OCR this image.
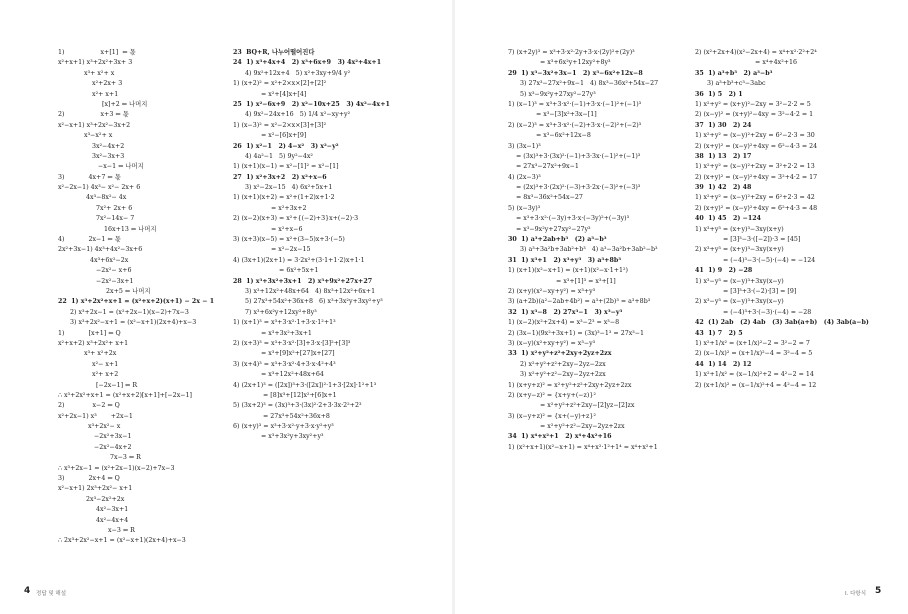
1)                  x+[1]  ⇐ 몫
x²+x+1) x³+2x²+3x+ 3
x³+ x²+ x
x²+2x+ 3
x²+ x+1
[x]+2 ⇐ 나머지
2)                  x+3 ⇐ 몫
x²−x+1) x³+2x²−3x+2
x³−x²+ x
3x²−4x+2
3x²−3x+3
−x−1 ⇐ 나머지
3)            4x+7 ⇐ 몫
x²−2x−1) 4x³− x²− 2x+ 6
4x³−8x²− 4x
7x²+ 2x+ 6
7x²−14x− 7
16x+13 ⇐ 나머지
4)            2x−1 ⇐ 몫
2x²+3x−1) 4x³+4x²−3x+6
4x³+6x²−2x
−2x²− x+6
−2x²−3x+1
2x+5 ⇐ 나머지
22  1) x³+2x²+x+1 = (x²+x+2)(x+1) − 2x − 1
2) x³+2x−1 = (x²+2x−1)(x−2)+7x−3
3) x³+2x²−x+1 = (x²−x+1)(2x+4)+x−3
1)            [x+1] ⇐ Q
x²+x+2) x³+2x²+ x+1
x³+ x²+2x
x²− x+1
x²+ x+2
[−2x−1] ⇐ R
∴ x³+2x²+x+1 = (x²+x+2)[x+1]+[−2x−1]
2)              x−2 ⇐ Q
x²+2x−1) x³       +2x−1
x³+2x²− x
−2x²+3x−1
−2x²−4x+2
7x−3 ⇐ R
∴ x³+2x−1 = (x²+2x−1)(x−2)+7x−3
3)            2x+4 ⇐ Q
x²−x+1) 2x³+2x²− x+1
2x³−2x²+2x
4x²−3x+1
4x²−4x+4
x−3 ⇐ R
∴ 2x³+2x²−x+1 = (x²−x+1)(2x+4)+x−3
23  BQ+R, 나누어떨어진다
24  1) x³+4x+4   2) x³+6x+9   3) 4x²+4x+1
4) 9x²+12x+4   5) x²+3xy+9/4 y²
1) (x+2)² = x²+2×x×[2]+[2]²
= x²+[4]x+[4]
25  1) x²−6x+9   2) x²−10x+25   3) 4x²−4x+1
4) 9x²−24x+16   5) 1/4 x²−xy+y²
1) (x−3)² = x²−2×x×[3]+[3]²
= x²−[6]x+[9]
26  1) x²−1   2) 4−x²   3) x²−y²
4) 4a²−1   5) 9y²−4x²
1) (x+1)(x−1) = x²−[1]² = x²−[1]
27  1) x²+3x+2   2) x²+x−6
3) x²−2x−15   4) 6x²+5x+1
1) (x+1)(x+2) = x²+(1+2)x+1·2
= x²+3x+2
2) (x−2)(x+3) = x²+{(−2)+3}x+(−2)·3
= x²+x−6
3) (x+3)(x−5) = x²+(3−5)x+3·(−5)
= x²−2x−15
4) (3x+1)(2x+1) = 3·2x²+(3·1+1·2)x+1·1
= 6x²+5x+1
28  1) x³+3x²+3x+1   2) x³+9x²+27x+27
3) x³+12x²+48x+64   4) 8x³+12x²+6x+1
5) 27x³+54x²+36x+8   6) x³+3x²y+3xy²+y³
7) x³+6x²y+12xy²+8y³
1) (x+1)³ = x³+3·x²·1+3·x·1²+1³
= x³+3x²+3x+1
2) (x+3)³ = x³+3·x²·[3]+3·x·[3]²+[3]³
= x³+[9]x²+[27]x+[27]
3) (x+4)³ = x³+3·x²·4+3·x·4²+4³
= x³+12x²+48x+64
4) (2x+1)³ = ([2x])³+3·([2x])²·1+3·[2x]·1²+1³
= [8]x³+[12]x²+[6]x+1
5) (3x+2)³ = (3x)³+3·(3x)²·2+3·3x·2²+2³
= 27x³+54x²+36x+8
6) (x+y)³ = x³+3·x²·y+3·x·y²+y³
= x³+3x²y+3xy²+y³
4 정답 및 해설	5
I. 다항식
7) (x+2y)³ = x³+3·x²·2y+3·x·(2y)²+(2y)³
= x³+6x²y+12xy²+8y³
29  1) x³−3x²+3x−1   2) x³−6x²+12x−8
3) 27x³−27x²+9x−1   4) 8x³−36x²+54x−27
5) x³−9x²y+27xy²−27y³
1) (x−1)³ = x³+3·x²·(−1)+3·x·(−1)²+(−1)³
= x³−[3]x²+3x−[1]
2) (x−2)³ = x³+3·x²·(−2)+3·x·(−2)²+(−2)³
= x³−6x²+12x−8
3) (3x−1)³
= (3x)³+3·(3x)²·(−1)+3·3x·(−1)²+(−1)³
= 27x³−27x²+9x−1
4) (2x−3)³
= (2x)³+3·(2x)²·(−3)+3·2x·(−3)²+(−3)³
= 8x³−36x²+54x−27
5) (x−3y)³
= x³+3·x²·(−3y)+3·x·(−3y)²+(−3y)³
= x³−9x²y+27xy²−27y³
30  1) a³+2ab+b³   (2) a³−b³
3) a³+3a²b+3ab²+b³   4) a³−3a²b+3ab²−b³
31  1) x³+1   2) x³+y³   3) a³+8b³
1) (x+1)(x²−x+1) = (x+1)(x²−x·1+1²)
= x³+[1]³ = x³+[1]
2) (x+y)(x²−xy+y²) = x³+y³
3) (a+2b)(a²−2ab+4b²) = a³+(2b)³ = a³+8b³
32  1) x³−8   2) 27x³−1   3) x³−y³
1) (x−2)(x²+2x+4) = x³−2³ = x³−8
2) (3x−1)(9x²+3x+1) = (3x)³−1³ = 27x³−1
3) (x−y)(x²+xy+y²) = x³−y³
33  1) x²+y²+z²+2xy+2yz+2zx
2) x²+y²+z²+2xy−2yz−2zx
3) x²+y²+z²−2xy−2yz+2zx
1) (x+y+z)² = x²+y²+z²+2xy+2yz+2zx
2) (x+y−z)² = {x+y+(−z)}²
= x²+y²+z²+2xy−[2]yz−[2]zx
3) (x−y+z)² = {x+(−y)+z}²
= x²+y²+z²−2xy−2yz+2zx
34  1) x⁴+x²+1   2) x⁴+4x²+16
1) (x²+x+1)(x²−x+1) = x⁴+x²·1²+1⁴ = x⁴+x²+1
2) (x²+2x+4)(x²−2x+4) = x⁴+x²·2²+2⁴
= x⁴+4x²+16
35  1) a³+b³   2) a³−b³
3) a³+b³+c³−3abc
36  1) 5   2) 1
1) x²+y² = (x+y)²−2xy = 3²−2·2 = 5
2) (x−y)² = (x+y)²−4xy = 3²−4·2 = 1
37  1) 30   2) 24
1) x²+y² = (x−y)²+2xy = 6²−2·3 = 30
2) (x+y)² = (x−y)²+4xy = 6²−4·3 = 24
38  1) 13   2) 17
1) x²+y² = (x−y)²+2xy = 3²+2·2 = 13
2) (x+y)² = (x−y)²+4xy = 3²+4·2 = 17
39  1) 42   2) 48
1) x²+y² = (x−y)²+2xy = 6²+2·3 = 42
2) (x+y)² = (x−y)²+4xy = 6²+4·3 = 48
40  1) 45   2) −124
1) x³+y³ = (x+y)³−3xy(x+y)
= [3]³−3·([−2])·3 = [45]
2) x³+y³ = (x+y)³−3xy(x+y)
= (−4)³−3·(−5)·(−4) = −124
41  1) 9   2) −28
1) x³−y³ = (x−y)³+3xy(x−y)
= [3]³+3·(−2)·[3] = [9]
2) x³−y³ = (x−y)³+3xy(x−y)
= (−4)³+3·(−3)·(−4) = −28
42  (1) 2ab   (2) 4ab   (3) 3ab(a+b)   (4) 3ab(a−b)
43  1) 7   2) 5
1) x²+1/x² = (x+1/x)²−2 = 3²−2 = 7
2) (x−1/x)² = (x+1/x)²−4 = 3²−4 = 5
44  1) 14   2) 12
1) x²+1/x² = (x−1/x)²+2 = 4²−2 = 14
2) (x+1/x)² = (x−1/x)²+4 = 4²−4 = 12
